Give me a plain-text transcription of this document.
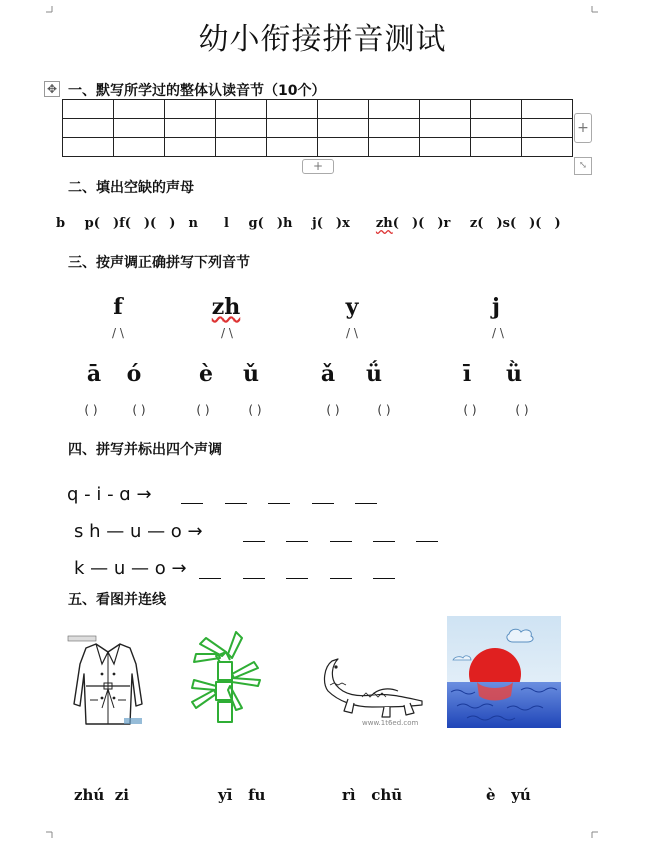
幼小衔接拼音测试
✥ 一、默写所学过的整体认读音节（10个）

+
+	⤡
二、填出空缺的声母
b   p(  )f(  )(  )  n    l   g(  )h   j(  )x    zh(  )(  )r   z(  )s(  )(  )
三、按声调正确拼写下列音节
f
/ \
ā	ó
( )	( )
zh
/ \
è	ǔ
( )	( )
y
/ \
ǎ	ǘ
( )	( )
j
/ \
ī	ǜ
( )	( )
四、拼写并标出四个声调
q - i - ɑ →
s h — u — o →
k — u — o →
五、看图并连线
www.1t6ed.com
zhú  zi	yī   fu	rì   chū	è   yú
